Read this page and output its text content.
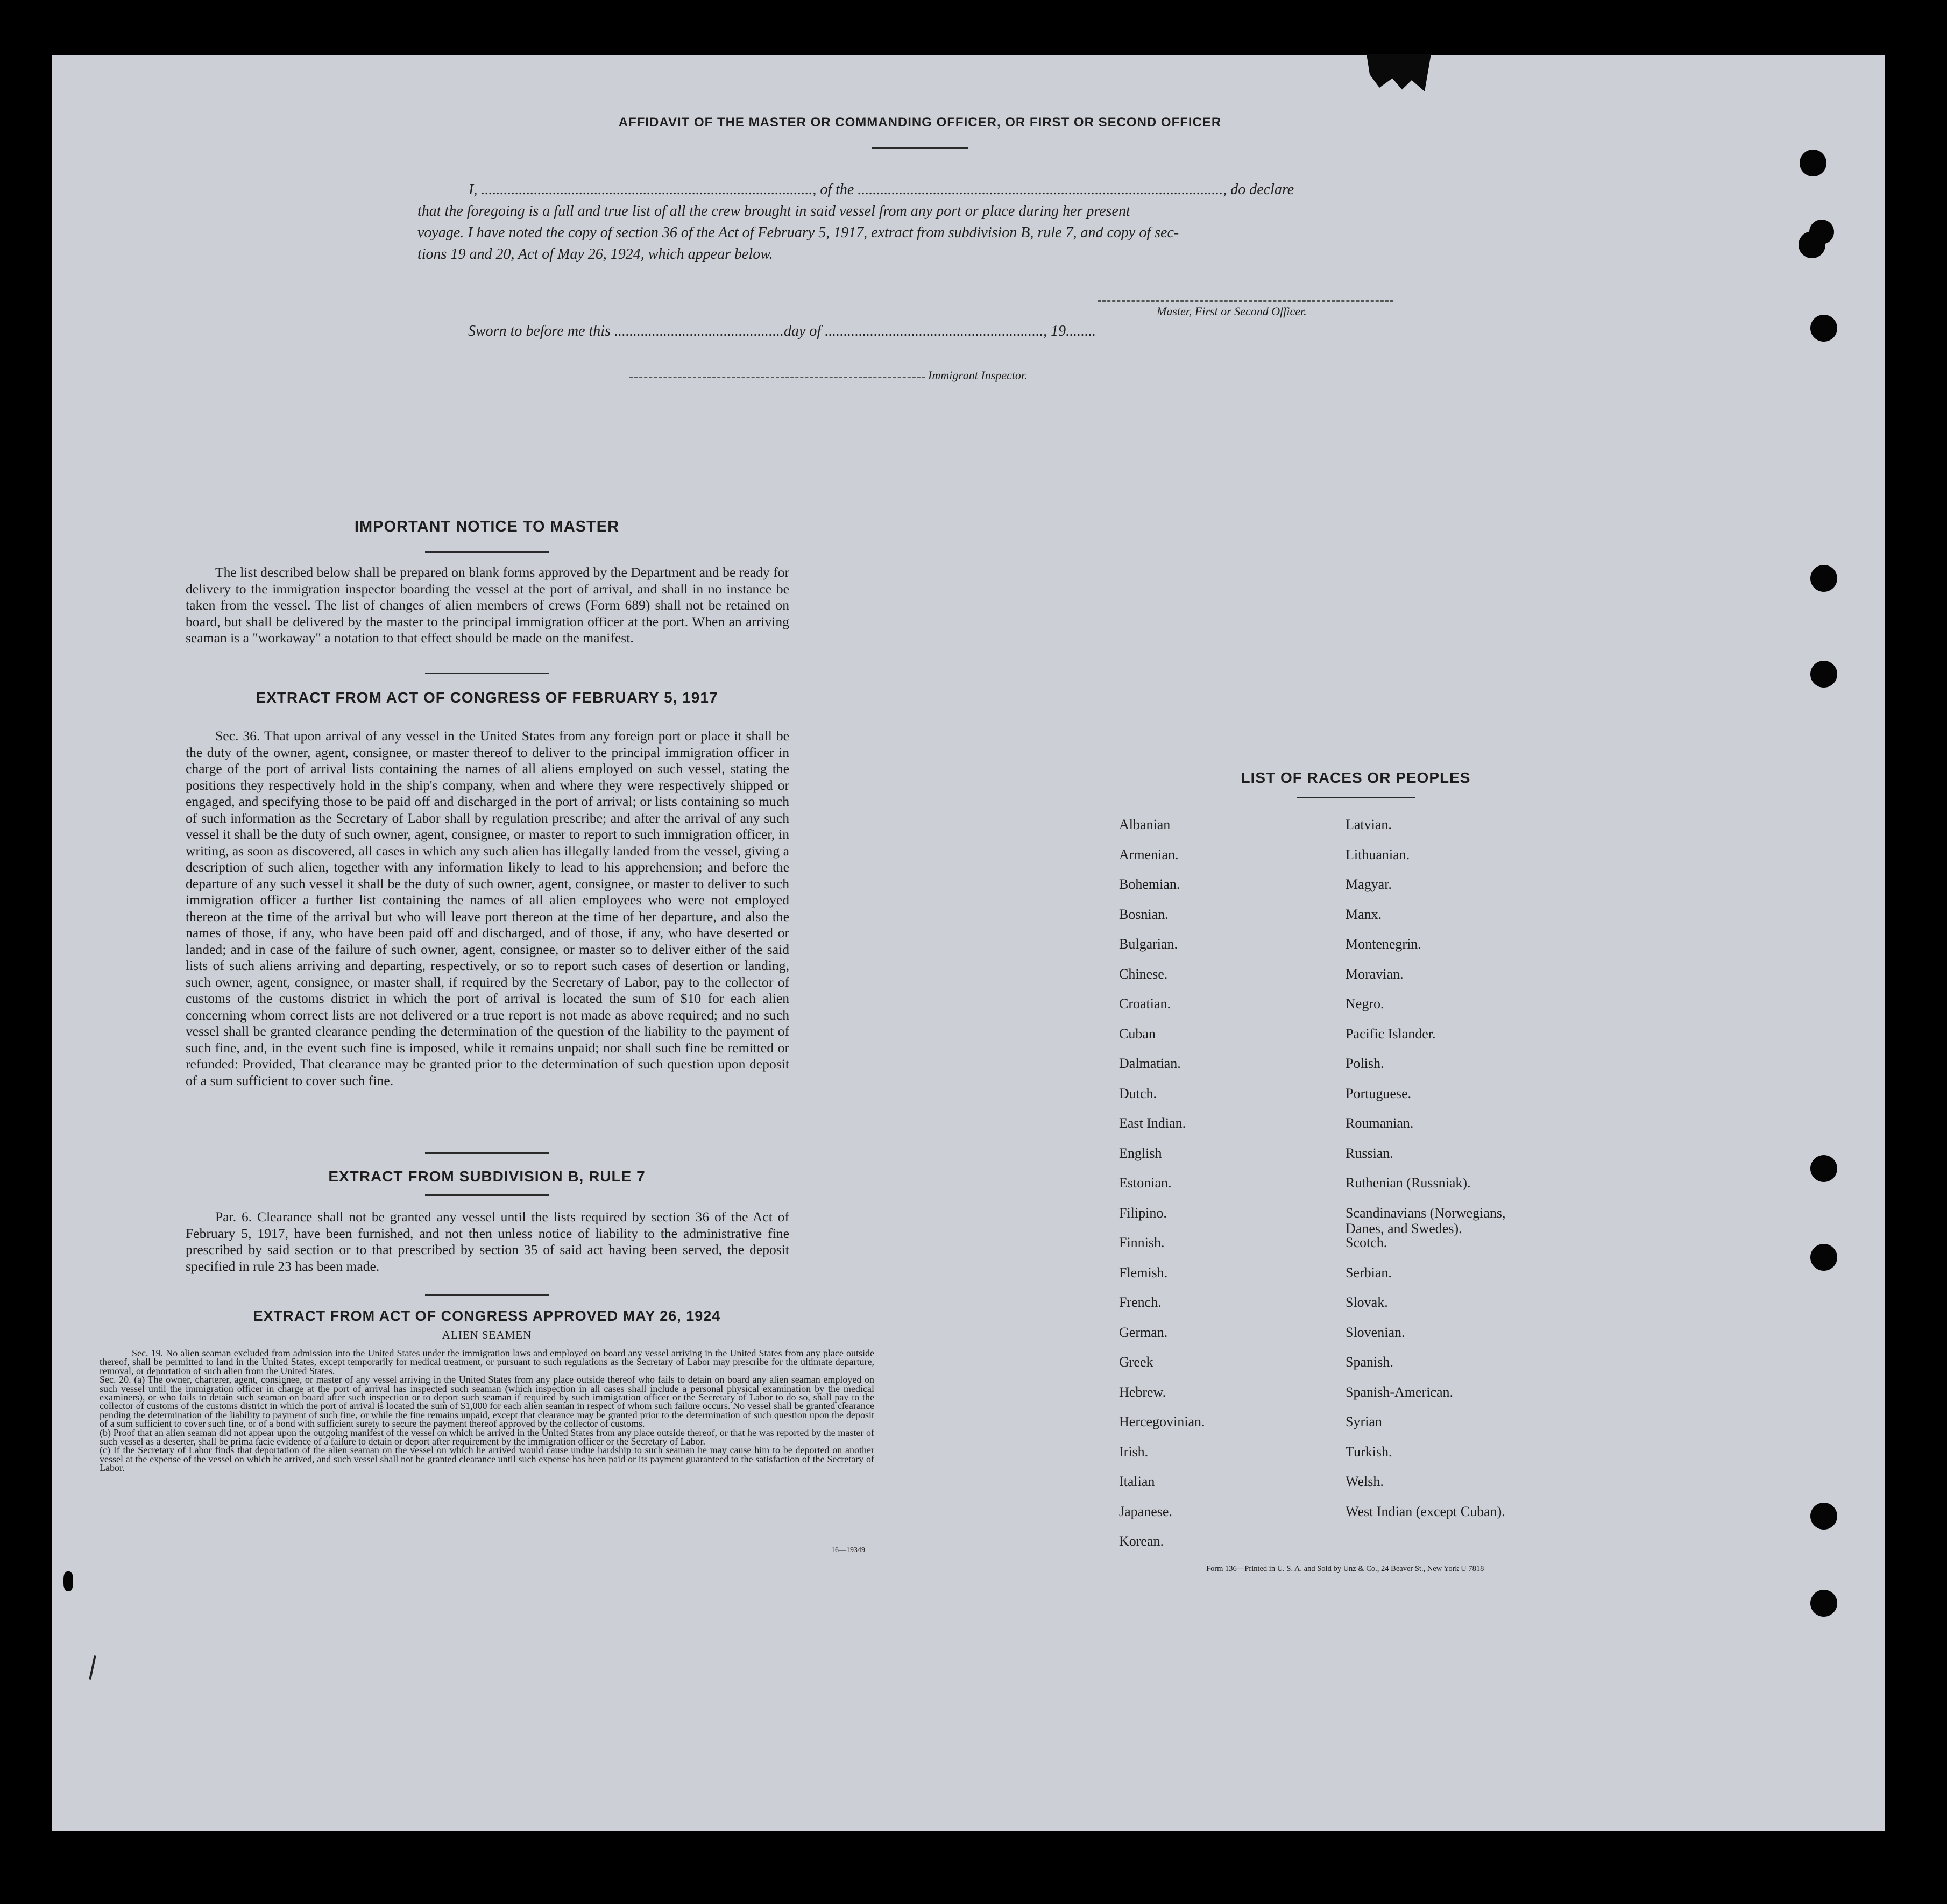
AFFIDAVIT OF THE MASTER OR COMMANDING OFFICER, OR FIRST OR SECOND OFFICER
I, ........................................................................................, of the ................................................................................................., do declare
that the foregoing is a full and true list of all the crew brought in said vessel from any port or place during her present
voyage. I have noted the copy of section 36 of the Act of February 5, 1917, extract from subdivision B, rule 7, and copy of sec-
tions 19 and 20, Act of May 26, 1924, which appear below.
Master, First or Second Officer.
Sworn to before me this .............................................day of .........................................................., 19........
Immigrant Inspector.
IMPORTANT NOTICE TO MASTER
The list described below shall be prepared on blank forms approved by the Department and be ready for delivery to the immigration inspector boarding the vessel at the port of arrival, and shall in no instance be taken from the vessel. The list of changes of alien members of crews (Form 689) shall not be retained on board, but shall be delivered by the master to the principal immigration officer at the port. When an arriving seaman is a "workaway" a notation to that effect should be made on the manifest.
EXTRACT FROM ACT OF CONGRESS OF FEBRUARY 5, 1917
Sec. 36. That upon arrival of any vessel in the United States from any foreign port or place it shall be the duty of the owner, agent, consignee, or master thereof to deliver to the principal immigration officer in charge of the port of arrival lists containing the names of all aliens employed on such vessel, stating the positions they respectively hold in the ship's company, when and where they were respectively shipped or engaged, and specifying those to be paid off and discharged in the port of arrival; or lists containing so much of such information as the Secretary of Labor shall by regulation prescribe; and after the arrival of any such vessel it shall be the duty of such owner, agent, consignee, or master to report to such immigration officer, in writing, as soon as discovered, all cases in which any such alien has illegally landed from the vessel, giving a description of such alien, together with any information likely to lead to his apprehension; and before the departure of any such vessel it shall be the duty of such owner, agent, consignee, or master to deliver to such immigration officer a further list containing the names of all alien employees who were not employed thereon at the time of the arrival but who will leave port thereon at the time of her departure, and also the names of those, if any, who have been paid off and discharged, and of those, if any, who have deserted or landed; and in case of the failure of such owner, agent, consignee, or master so to deliver either of the said lists of such aliens arriving and departing, respectively, or so to report such cases of desertion or landing, such owner, agent, consignee, or master shall, if required by the Secretary of Labor, pay to the collector of customs of the customs district in which the port of arrival is located the sum of $10 for each alien concerning whom correct lists are not delivered or a true report is not made as above required; and no such vessel shall be granted clearance pending the determination of the question of the liability to the payment of such fine, and, in the event such fine is imposed, while it remains unpaid; nor shall such fine be remitted or refunded: Provided, That clearance may be granted prior to the determination of such question upon deposit of a sum sufficient to cover such fine.
EXTRACT FROM SUBDIVISION B, RULE 7
Par. 6. Clearance shall not be granted any vessel until the lists required by section 36 of the Act of February 5, 1917, have been furnished, and not then unless notice of liability to the administrative fine prescribed by said section or to that prescribed by section 35 of said act having been served, the deposit specified in rule 23 has been made.
EXTRACT FROM ACT OF CONGRESS APPROVED MAY 26, 1924
ALIEN SEAMEN
Sec. 19. No alien seaman excluded from admission into the United States under the immigration laws and employed on board any vessel arriving in the United States from any place outside thereof, shall be permitted to land in the United States, except temporarily for medical treatment, or pursuant to such regulations as the Secretary of Labor may prescribe for the ultimate departure, removal, or deportation of such alien from the United States.
Sec. 20. (a) The owner, charterer, agent, consignee, or master of any vessel arriving in the United States from any place outside thereof who fails to detain on board any alien seaman employed on such vessel until the immigration officer in charge at the port of arrival has inspected such seaman (which inspection in all cases shall include a personal physical examination by the medical examiners), or who fails to detain such seaman on board after such inspection or to deport such seaman if required by such immigration officer or the Secretary of Labor to do so, shall pay to the collector of customs of the customs district in which the port of arrival is located the sum of $1,000 for each alien seaman in respect of whom such failure occurs. No vessel shall be granted clearance pending the determination of the liability to payment of such fine, or while the fine remains unpaid, except that clearance may be granted prior to the determination of such question upon the deposit of a sum sufficient to cover such fine, or of a bond with sufficient surety to secure the payment thereof approved by the collector of customs.
(b) Proof that an alien seaman did not appear upon the outgoing manifest of the vessel on which he arrived in the United States from any place outside thereof, or that he was reported by the master of such vessel as a deserter, shall be prima facie evidence of a failure to detain or deport after requirement by the immigration officer or the Secretary of Labor.
(c) If the Secretary of Labor finds that deportation of the alien seaman on the vessel on which he arrived would cause undue hardship to such seaman he may cause him to be deported on another vessel at the expense of the vessel on which he arrived, and such vessel shall not be granted clearance until such expense has been paid or its payment guaranteed to the satisfaction of the Secretary of Labor.
16—19349
LIST OF RACES OR PEOPLES
Albanian
Armenian.
Bohemian.
Bosnian.
Bulgarian.
Chinese.
Croatian.
Cuban
Dalmatian.
Dutch.
East Indian.
English
Estonian.
Filipino.
Finnish.
Flemish.
French.
German.
Greek
Hebrew.
Hercegovinian.
Irish.
Italian
Japanese.
Korean.
Latvian.
Lithuanian.
Magyar.
Manx.
Montenegrin.
Moravian.
Negro.
Pacific Islander.
Polish.
Portuguese.
Roumanian.
Russian.
Ruthenian (Russniak).
Scandinavians (Norwegians,
Danes, and Swedes).
Scotch.
Serbian.
Slovak.
Slovenian.
Spanish.
Spanish-American.
Syrian
Turkish.
Welsh.
West Indian (except Cuban).
Form 136—Printed in U. S. A. and Sold by Unz & Co., 24 Beaver St., New York U 7818
